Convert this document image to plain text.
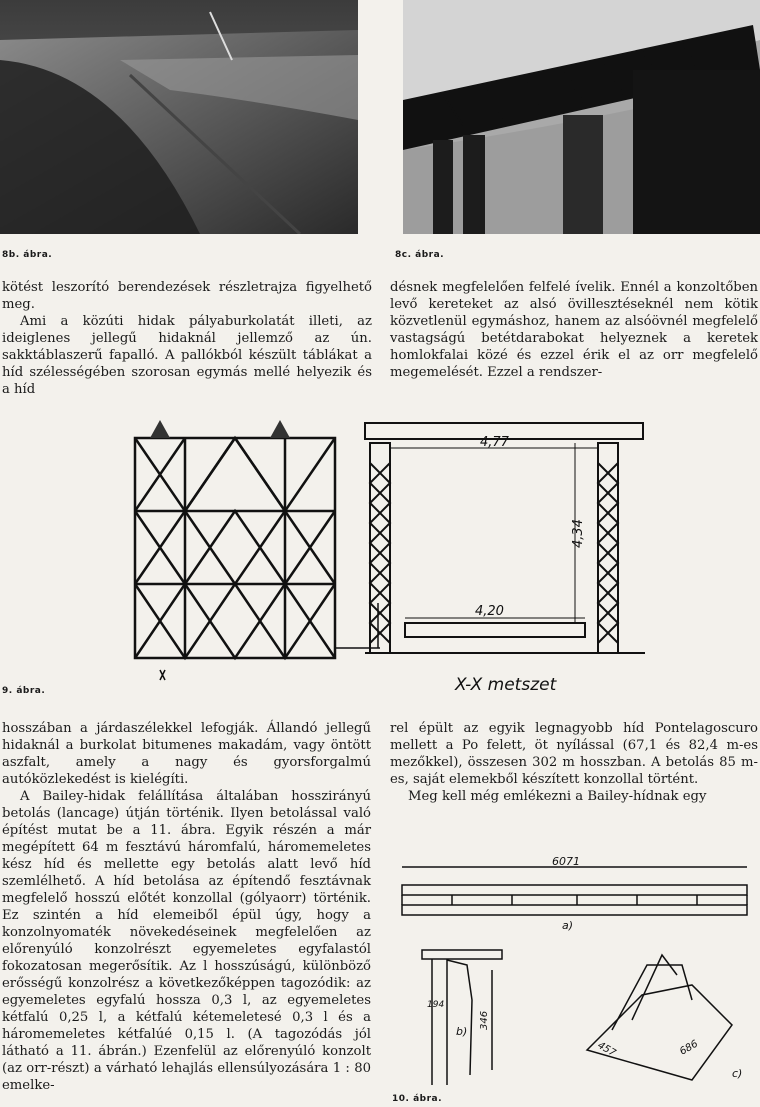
8b. ábra.	8c. ábra.

kötést leszorító berendezések részletrajza figyelhető meg.

Ami a közúti hidak pályaburkolatát illeti, az ideiglenes jellegű hidaknál jellemző az ún. sakktáblaszerű fapalló. A pallókból készült táblákat a híd szélességében szorosan egymás mellé helyezik és a híd

désnek megfelelően felfelé ívelik. Ennél a konzoltőben levő kereteket az alsó övillesztéseknél nem kötik közvetlenül egymáshoz, hanem az alsóövnél megfelelő vastagságú betétdarabokat helyeznek a keretek homlokfalai közé és ezzel érik el az orr megfelelő megemelését. Ezzel a rendszer-

4,77
4,34
4,20
X-X metszet
9. ábra.

hosszában a járdaszélekkel lefogják. Állandó jellegű hidaknál a burkolat bitumenes makadám, vagy öntött aszfalt, amely a nagy és gyorsforgalmú autóközlekedést is kielégíti.

A Bailey-hidak felállítása általában hosszirányú betolás (lancage) útján történik. Ilyen betolással való építést mutat be a 11. ábra. Egyik részén a már megépített 64 m fesztávú háromfalú, háromemeletes kész híd és mellette egy betolás alatt levő híd szemlélhető. A híd betolása az építendő fesztávnak megfelelő hosszú előtét konzollal (gólyaorr) történik. Ez szintén a híd elemeiből épül úgy, hogy a konzolnyomaték növekedéseinek megfelelően az előrenyúló konzolrészt egyemeletes egyfalastól fokozatosan megerősítik. Az l hosszúságú, különböző erősségű konzolrész a következőképpen tagozódik: az egyemeletes egyfalú hossza 0,3 l, az egyemeletes kétfalú 0,25 l, a kétfalú kétemeletesé 0,3 l és a háromemeletes kétfalúé 0,15 l. (A tagozódás jól látható a 11. ábrán.) Ezenfelül az előrenyúló konzolt (az orr-részt) a várható lehajlás ellensúlyozására 1 : 80 emelke-

rel épült az egyik legnagyobb híd Pontelagoscuro mellett a Po felett, öt nyílással (67,1 és 82,4 m-es mezőkkel), összesen 302 m hosszban. A betolás 85 m-es, saját elemekből készített konzollal történt.

Meg kell még emlékezni a Bailey-hídnak egy

6071
a)
b)
c)
194
346
457	686
10. ábra.
